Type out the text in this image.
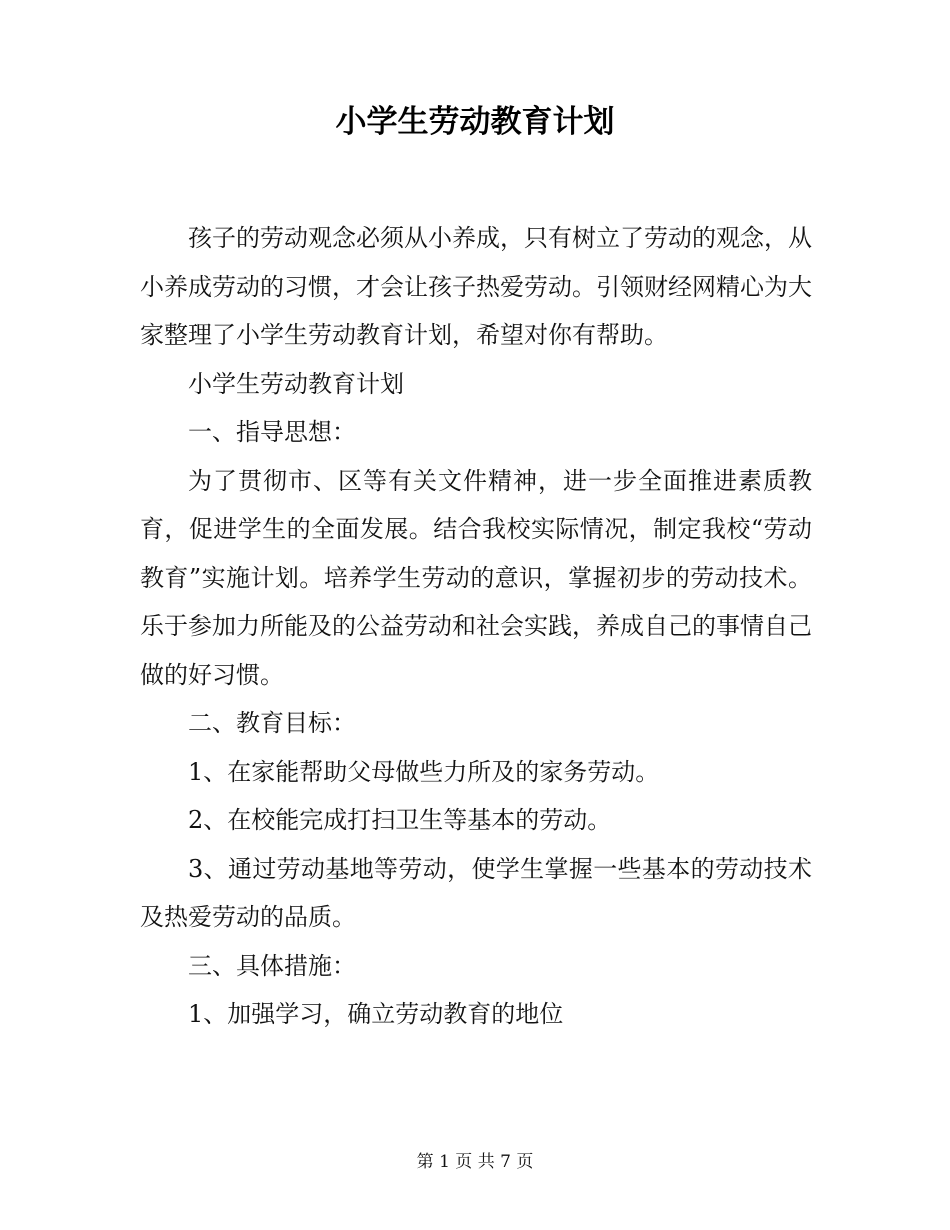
小学生劳动教育计划

孩子的劳动观念必须从小养成，只有树立了劳动的观念，从小养成劳动的习惯，才会让孩子热爱劳动。引领财经网精心为大家整理了小学生劳动教育计划，希望对你有帮助。

小学生劳动教育计划

一、指导思想：

为了贯彻市、区等有关文件精神，进一步全面推进素质教育，促进学生的全面发展。结合我校实际情况，制定我校“劳动教育”实施计划。培养学生劳动的意识，掌握初步的劳动技术。乐于参加力所能及的公益劳动和社会实践，养成自己的事情自己做的好习惯。

二、教育目标：

1、在家能帮助父母做些力所及的家务劳动。

2、在校能完成打扫卫生等基本的劳动。

3、通过劳动基地等劳动，使学生掌握一些基本的劳动技术及热爱劳动的品质。

三、具体措施：

1、加强学习，确立劳动教育的地位

第 1 页 共 7 页
